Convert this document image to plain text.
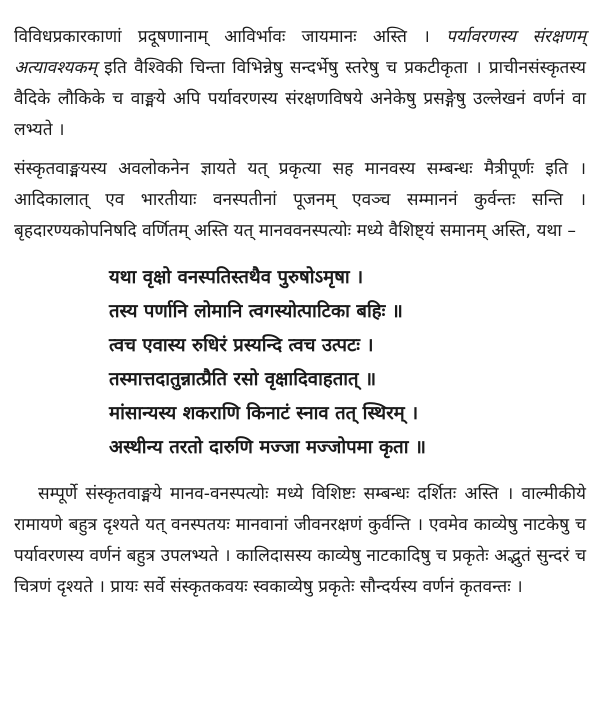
विविधप्रकारकाणां प्रदूषणानाम् आविर्भावः जायमानः अस्ति । पर्यावरणस्य संरक्षणम् अत्यावश्यकम् इति वैश्विकी चिन्ता विभिन्नेषु सन्दर्भेषु स्तरेषु च प्रकटीकृता । प्राचीनसंस्कृतस्य वैदिके लौकिके च वाङ्मये अपि पर्यावरणस्य संरक्षणविषये अनेकेषु प्रसङ्गेषु उल्लेखनं वर्णनं वा लभ्यते ।

संस्कृतवाङ्मयस्य अवलोकनेन ज्ञायते यत् प्रकृत्या सह मानवस्य सम्बन्धः मैत्रीपूर्णः इति । आदिकालात् एव भारतीयाः वनस्पतीनां पूजनम् एवञ्च सम्माननं कुर्वन्तः सन्ति । बृहदारण्यकोपनिषदि वर्णितम् अस्ति यत् मानववनस्पत्योः मध्ये वैशिष्ट्यं समानम् अस्ति, यथा –

यथा वृक्षो वनस्पतिस्तथैव पुरुषोऽमृषा ।
तस्य पर्णानि लोमानि त्वगस्योत्पाटिका बहिः ॥
त्वच एवास्य रुधिरं प्रस्यन्दि त्वच उत्पटः ।
तस्मात्तदातुन्नात्प्रैति रसो वृक्षादिवाहतात् ॥
मांसान्यस्य शकराणि किनाटं स्नाव तत् स्थिरम् ।
अस्थीन्य तरतो दारुणि मज्जा मज्जोपमा कृता ॥

सम्पूर्णे संस्कृतवाङ्मये मानव-वनस्पत्योः मध्ये विशिष्टः सम्बन्धः दर्शितः अस्ति । वाल्मीकीये रामायणे बहुत्र दृश्यते यत् वनस्पतयः मानवानां जीवनरक्षणं कुर्वन्ति । एवमेव काव्येषु नाटकेषु च पर्यावरणस्य वर्णनं बहुत्र उपलभ्यते । कालिदासस्य काव्येषु नाटकादिषु च प्रकृतेः अद्भुतं सुन्दरं च चित्रणं दृश्यते । प्रायः सर्वे संस्कृतकवयः स्वकाव्येषु प्रकृतेः सौन्दर्यस्य वर्णनं कृतवन्तः ।
